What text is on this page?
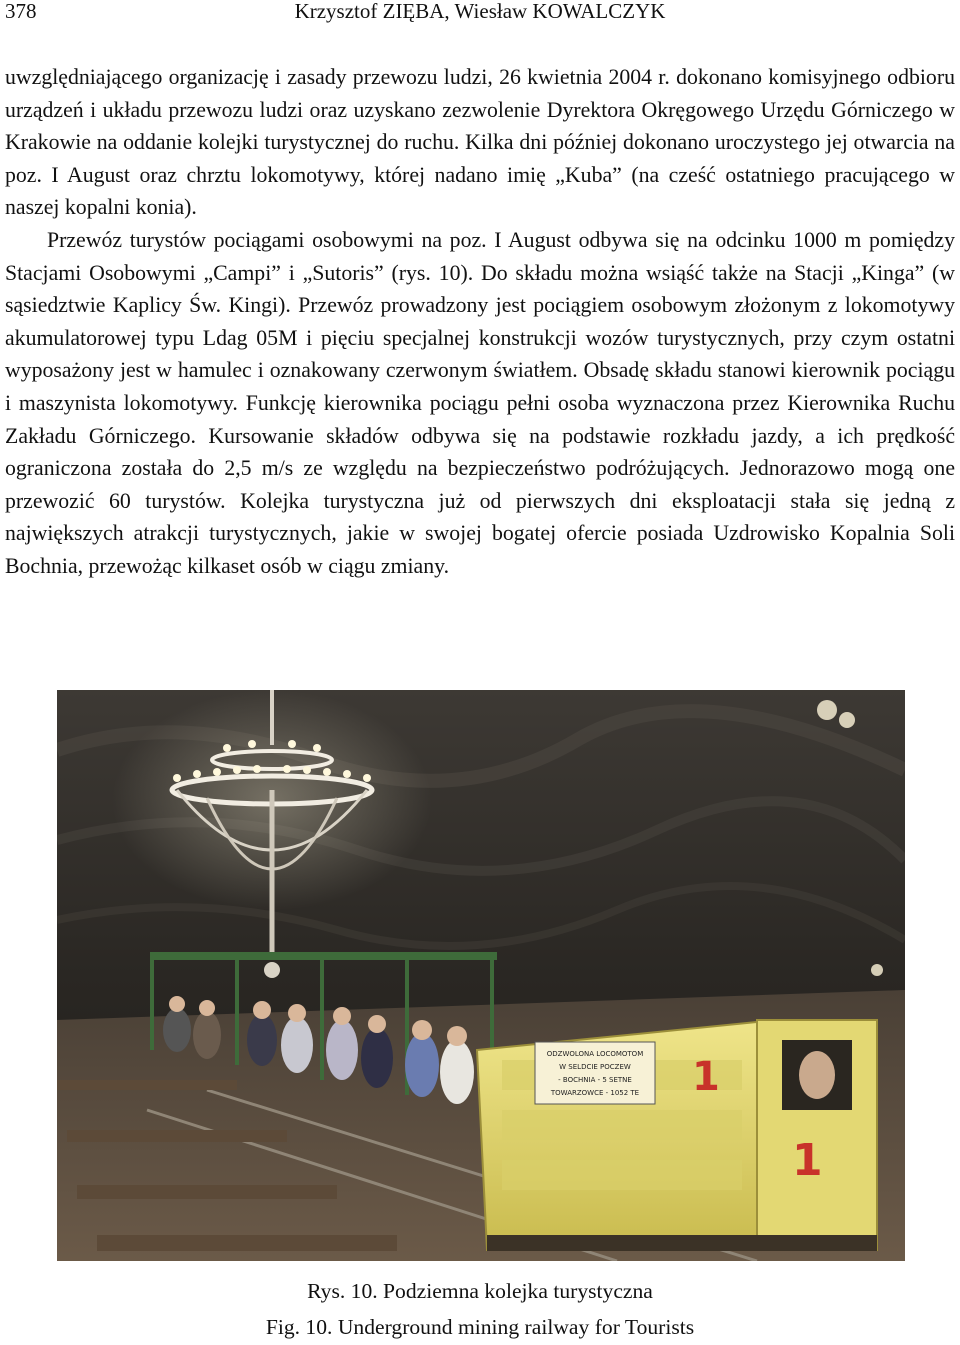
378	Krzysztof ZIĘBA, Wiesław KOWALCZYK

uwzględniającego organizację i zasady przewozu ludzi, 26 kwietnia 2004 r. dokonano komisyjnego odbioru urządzeń i układu przewozu ludzi oraz uzyskano zezwolenie Dyrektora Okręgowego Urzędu Górniczego w Krakowie na oddanie kolejki turystycznej do ruchu. Kilka dni później dokonano uroczystego jej otwarcia na poz. I August oraz chrztu lokomotywy, której nadano imię „Kuba” (na cześć ostatniego pracującego w naszej kopalni konia).

Przewóz turystów pociągami osobowymi na poz. I August odbywa się na odcinku 1000 m pomiędzy Stacjami Osobowymi „Campi” i „Sutoris” (rys. 10). Do składu można wsiąść także na Stacji „Kinga” (w sąsiedztwie Kaplicy Św. Kingi). Przewóz prowadzony jest pociągiem osobowym złożonym z lokomotywy akumulatorowej typu Ldag 05M i pięciu specjalnej konstrukcji wozów turystycznych, przy czym ostatni wyposażony jest w hamulec i oznakowany czerwonym światłem. Obsadę składu stanowi kierownik pociągu i maszynista lokomotywy. Funkcję kierownika pociągu pełni osoba wyznaczona przez Kierownika Ruchu Zakładu Górniczego. Kursowanie składów odbywa się na podstawie rozkładu jazdy, a ich prędkość ograniczona została do 2,5 m/s ze względu na bezpieczeństwo podróżujących. Jednorazowo mogą one przewozić 60 turystów. Kolejka turystyczna już od pierwszych dni eksploatacji stała się jedną z największych atrakcji turystycznych, jakie w swojej bogatej ofercie posiada Uzdrowisko Kopalnia Soli Bochnia, przewożąc kilkaset osób w ciągu zmiany.

ODZWOLONA LOCOMOTOM
W SELDCIE POCZEW
- BOCHNIA - 5 SETNE
TOWARZOWCE - 1052 TE 1
1
Rys. 10. Podziemna kolejka turystyczna
Fig. 10. Underground mining railway for Tourists
